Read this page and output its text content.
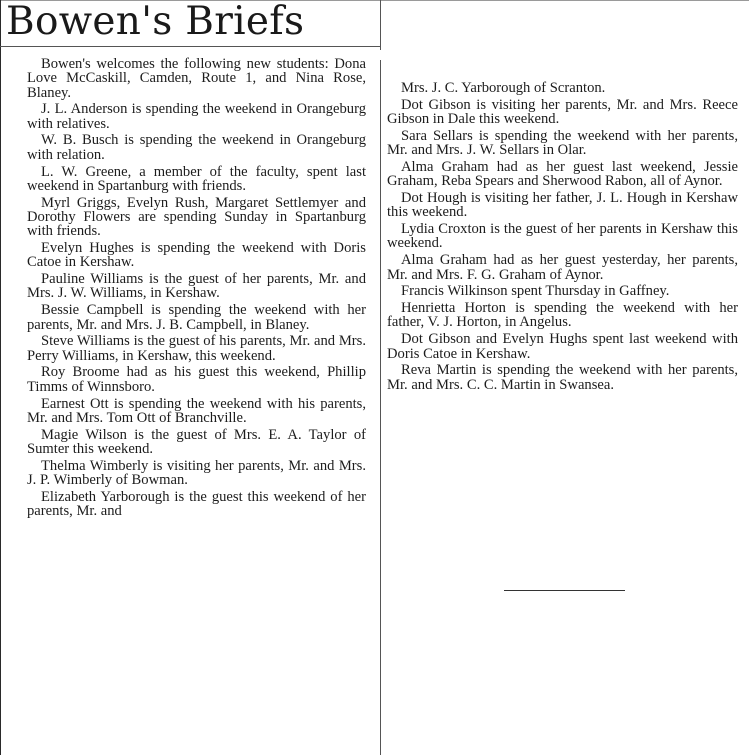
Bowen's Briefs

Bowen's welcomes the following new students: Dona Love McCaskill, Camden, Route 1, and Nina Rose, Blaney.

J. L. Anderson is spending the weekend in Orangeburg with relatives.

W. B. Busch is spending the weekend in Orangeburg with relation.

L. W. Greene, a member of the faculty, spent last weekend in Spartanburg with friends.

Myrl Griggs, Evelyn Rush, Margaret Settlemyer and Dorothy Flowers are spending Sunday in Spartanburg with friends.

Evelyn Hughes is spending the weekend with Doris Catoe in Kershaw.

Pauline Williams is the guest of her parents, Mr. and Mrs. J. W. Williams, in Kershaw.

Bessie Campbell is spending the weekend with her parents, Mr. and Mrs. J. B. Campbell, in Blaney.

Steve Williams is the guest of his parents, Mr. and Mrs. Perry Williams, in Kershaw, this weekend.

Roy Broome had as his guest this weekend, Phillip Timms of Winnsboro.

Earnest Ott is spending the weekend with his parents, Mr. and Mrs. Tom Ott of Branchville.

Magie Wilson is the guest of Mrs. E. A. Taylor of Sumter this weekend.

Thelma Wimberly is visiting her parents, Mr. and Mrs. J. P. Wimberly of Bowman.

Elizabeth Yarborough is the guest this weekend of her parents, Mr. and

Mrs. J. C. Yarborough of Scranton.

Dot Gibson is visiting her parents, Mr. and Mrs. Reece Gibson in Dale this weekend.

Sara Sellars is spending the weekend with her parents, Mr. and Mrs. J. W. Sellars in Olar.

Alma Graham had as her guest last weekend, Jessie Graham, Reba Spears and Sherwood Rabon, all of Aynor.

Dot Hough is visiting her father, J. L. Hough in Kershaw this weekend.

Lydia Croxton is the guest of her parents in Kershaw this weekend.

Alma Graham had as her guest yesterday, her parents, Mr. and Mrs. F. G. Graham of Aynor.

Francis Wilkinson spent Thursday in Gaffney.

Henrietta Horton is spending the weekend with her father, V. J. Horton, in Angelus.

Dot Gibson and Evelyn Hughs spent last weekend with Doris Catoe in Kershaw.

Reva Martin is spending the weekend with her parents, Mr. and Mrs. C. C. Martin in Swansea.
